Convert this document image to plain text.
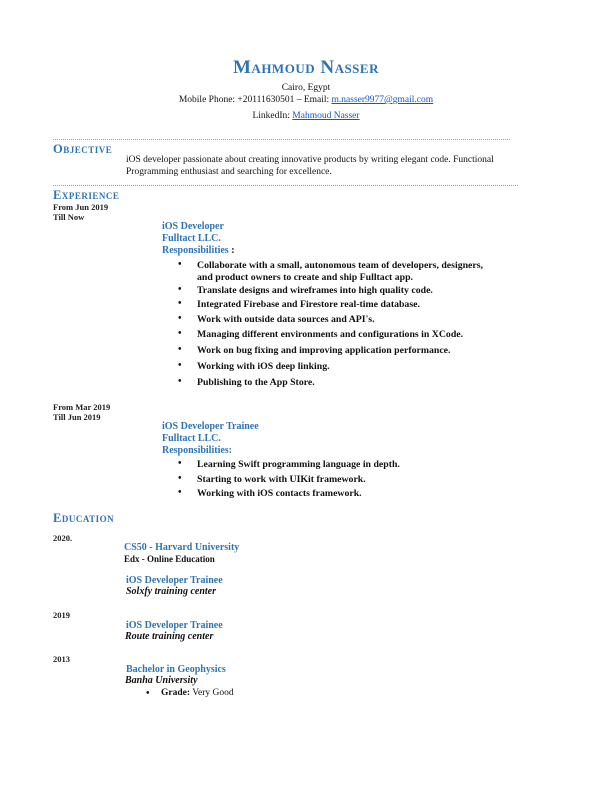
Mahmoud Nasser
Cairo, Egypt
Mobile Phone: +20111630501 – Email: m.nasser9977@gmail.com
LinkedIn: Mahmoud Nasser
Objective
iOS developer passionate about creating innovative products by writing elegant code. Functional
Programming enthusiast and searching for excellence.
Experience
From Jun 2019
Till Now
iOS Developer
Fulltact LLC.
Responsibilities :
From Mar 2019
Till Jun 2019
iOS Developer Trainee
Fulltact LLC.
Responsibilities:
Education
2020.
CS50 - Harvard University
Edx - Online Education
iOS Developer Trainee
Solxfy training center
2019
iOS Developer Trainee
Route training center
2013
Bachelor in Geophysics
Banha University
• Grade: Very Good
• Collaborate with a small, autonomous team of developers, designers,
and product owners to create and ship Fulltact app.
• Translate designs and wireframes into high quality code.
• Integrated Firebase and Firestore real-time database.
• Work with outside data sources and API's.
• Managing different environments and configurations in XCode.
• Work on bug fixing and improving application performance.
• Working with iOS deep linking.
• Publishing to the App Store.
• Learning Swift programming language in depth.
• Starting to work with UIKit framework.
• Working with iOS contacts framework.
